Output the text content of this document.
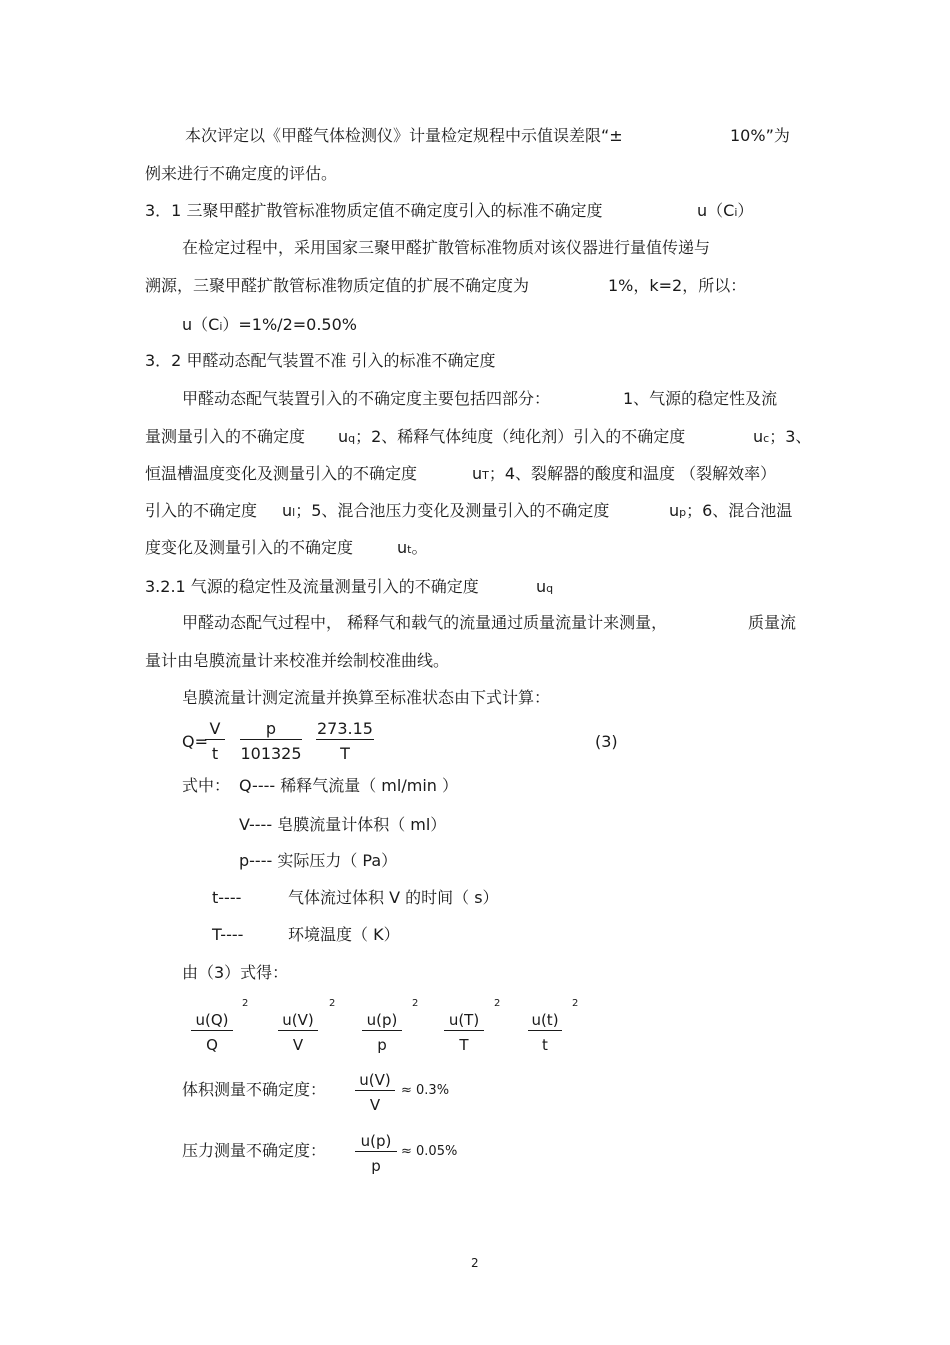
本次评定以《甲醛气体检测仪》计量检定规程中示值误差限“±	10%”为
例来进行不确定度的评估。
3．1 三聚甲醛扩散管标准物质定值不确定度引入的标准不确定度	u（Ci）
在检定过程中，采用国家三聚甲醛扩散管标准物质对该仪器进行量值传递与
溯源，三聚甲醛扩散管标准物质定值的扩展不确定度为	1%，k=2，所以：
u（Ci）=1%/2=0.50%
3．2 甲醛动态配气装置不准 引入的标准不确定度
甲醛动态配气装置引入的不确定度主要包括四部分：	1、气源的稳定性及流
量测量引入的不确定度 uq；2、稀释气体纯度（纯化剂）引入的不确定度	uc；3、
恒温槽温度变化及测量引入的不确定度	uT；4、裂解器的酸度和温度 （裂解效率）
引入的不确定度 ul；5、混合池压力变化及测量引入的不确定度	up；6、混合池温
度变化及测量引入的不确定度	ut。
3.2.1 气源的稳定性及流量测量引入的不确定度	uq
甲醛动态配气过程中， 稀释气和载气的流量通过质量流量计来测量，	质量流
量计由皂膜流量计来校准并绘制校准曲线。
皂膜流量计测定流量并换算至标准状态由下式计算：
Q=
$\frac{V}{t} \frac{p}{101325} \frac{273.15}{T}$	(3)
式中： Q---- 稀释气流量（ ml/min ）
V---- 皂膜流量计体积（ ml）
p---- 实际压力（ Pa）
t----	气体流过体积 V 的时间（ s）
T----	环境温度（ K）
由（3）式得：
$\frac{u(Q)}{Q}$
2
$\frac{u(V)}{V}$
2
$\frac{u(p)}{p}$
2
$\frac{u(T)}{T}$
2
$\frac{u(t)}{t}$
2
体积测量不确定度： $\frac{u(V)}{V} \approx 0.3\%$
压力测量不确定度： $\frac{u(p)}{p} \approx 0.05\%$
2
